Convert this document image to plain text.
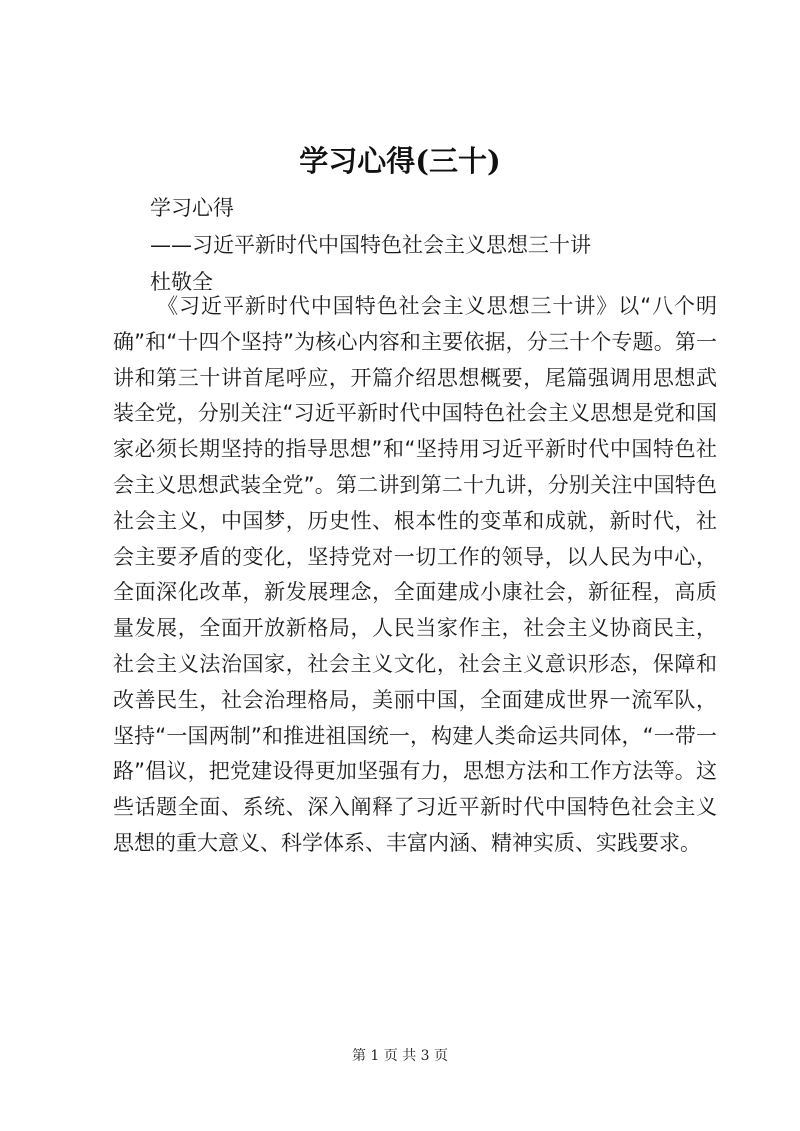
学习心得(三十)
学习心得
——习近平新时代中国特色社会主义思想三十讲
杜敬全

《习近平新时代中国特色社会主义思想三十讲》以“八个明确”和“十四个坚持”为核心内容和主要依据，分三十个专题。第一讲和第三十讲首尾呼应，开篇介绍思想概要，尾篇强调用思想武装全党，分别关注“习近平新时代中国特色社会主义思想是党和国家必须长期坚持的指导思想”和“坚持用习近平新时代中国特色社会主义思想武装全党”。第二讲到第二十九讲，分别关注中国特色社会主义，中国梦，历史性、根本性的变革和成就，新时代，社会主要矛盾的变化，坚持党对一切工作的领导，以人民为中心，全面深化改革，新发展理念，全面建成小康社会，新征程，高质量发展，全面开放新格局，人民当家作主，社会主义协商民主，社会主义法治国家，社会主义文化，社会主义意识形态，保障和改善民生，社会治理格局，美丽中国，全面建成世界一流军队，坚持“一国两制”和推进祖国统一，构建人类命运共同体，“一带一路”倡议，把党建设得更加坚强有力，思想方法和工作方法等。这些话题全面、系统、深入阐释了习近平新时代中国特色社会主义思想的重大意义、科学体系、丰富内涵、精神实质、实践要求。

第 1 页 共 3 页
